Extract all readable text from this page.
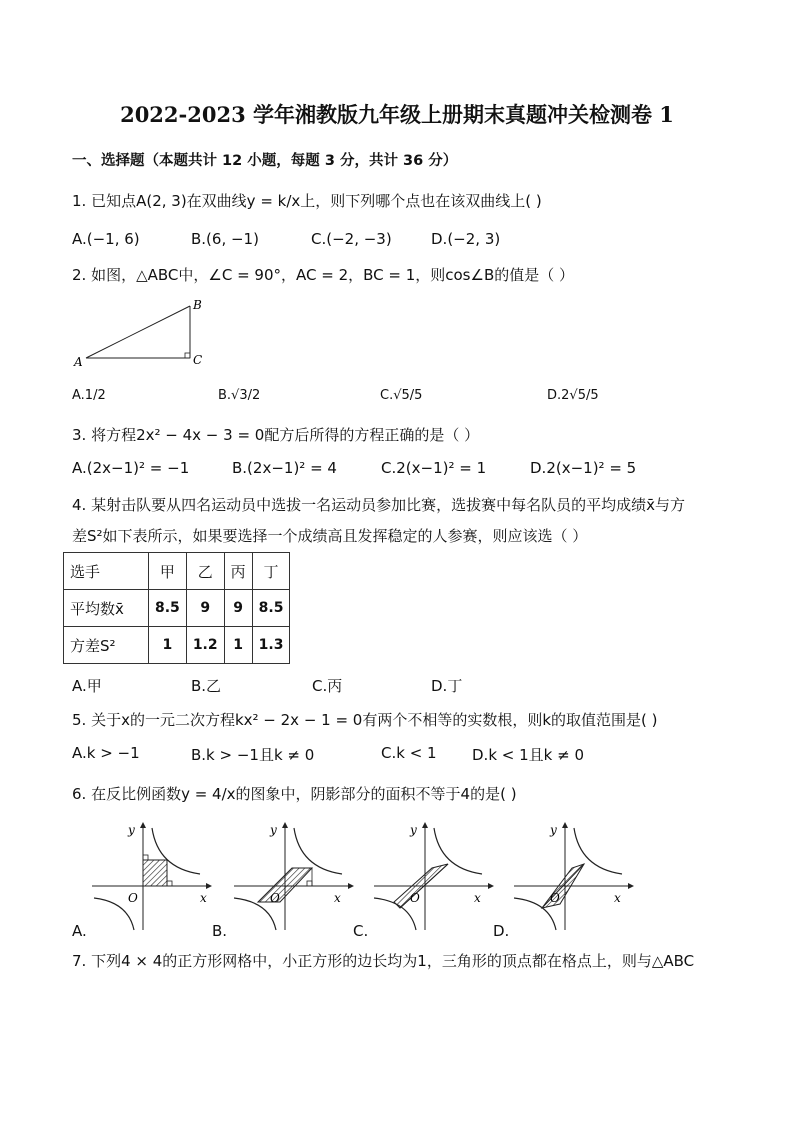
2022-2023 学年湘教版九年级上册期末真题冲关检测卷 1
一、选择题（本题共计 12 小题，每题 3 分，共计 36 分）
1. 已知点A(2, 3)在双曲线y = k/x上，则下列哪个点也在该双曲线上( )
A.(−1, 6)	B.(6, −1)	C.(−2, −3)	D.(−2, 3)
2. 如图，△ABC中，∠C = 90°，AC = 2，BC = 1，则cos∠B的值是（ ）
A
B
C
A.1/2	B.√3/2	C.√5/5	D.2√5/5
3. 将方程2x² − 4x − 3 = 0配方后所得的方程正确的是（ ）
A.(2x−1)² = −1	B.(2x−1)² = 4	C.2(x−1)² = 1	D.2(x−1)² = 5
4. 某射击队要从四名运动员中选拔一名运动员参加比赛，选拔赛中每名队员的平均成绩x̄与方
差S²如下表所示，如果要选择一个成绩高且发挥稳定的人参赛，则应该选（ ）
选手	甲	乙	丙	丁
平均数x̄	8.5	9	9	8.5
方差S²	1	1.2	1	1.3
A.甲	B.乙	C.丙	D.丁
5. 关于x的一元二次方程kx² − 2x − 1 = 0有两个不相等的实数根，则k的取值范围是( )
A.k > −1	B.k > −1且k ≠ 0	C.k < 1 D.k < 1且k ≠ 0
6. 在反比例函数y = 4/x的图象中，阴影部分的面积不等于4的是( )
O	x
y
O	x
y
O	x
y
O	x
y
A.	B.	C.	D.
7. 下列4 × 4的正方形网格中，小正方形的边长均为1，三角形的顶点都在格点上，则与△ABC
